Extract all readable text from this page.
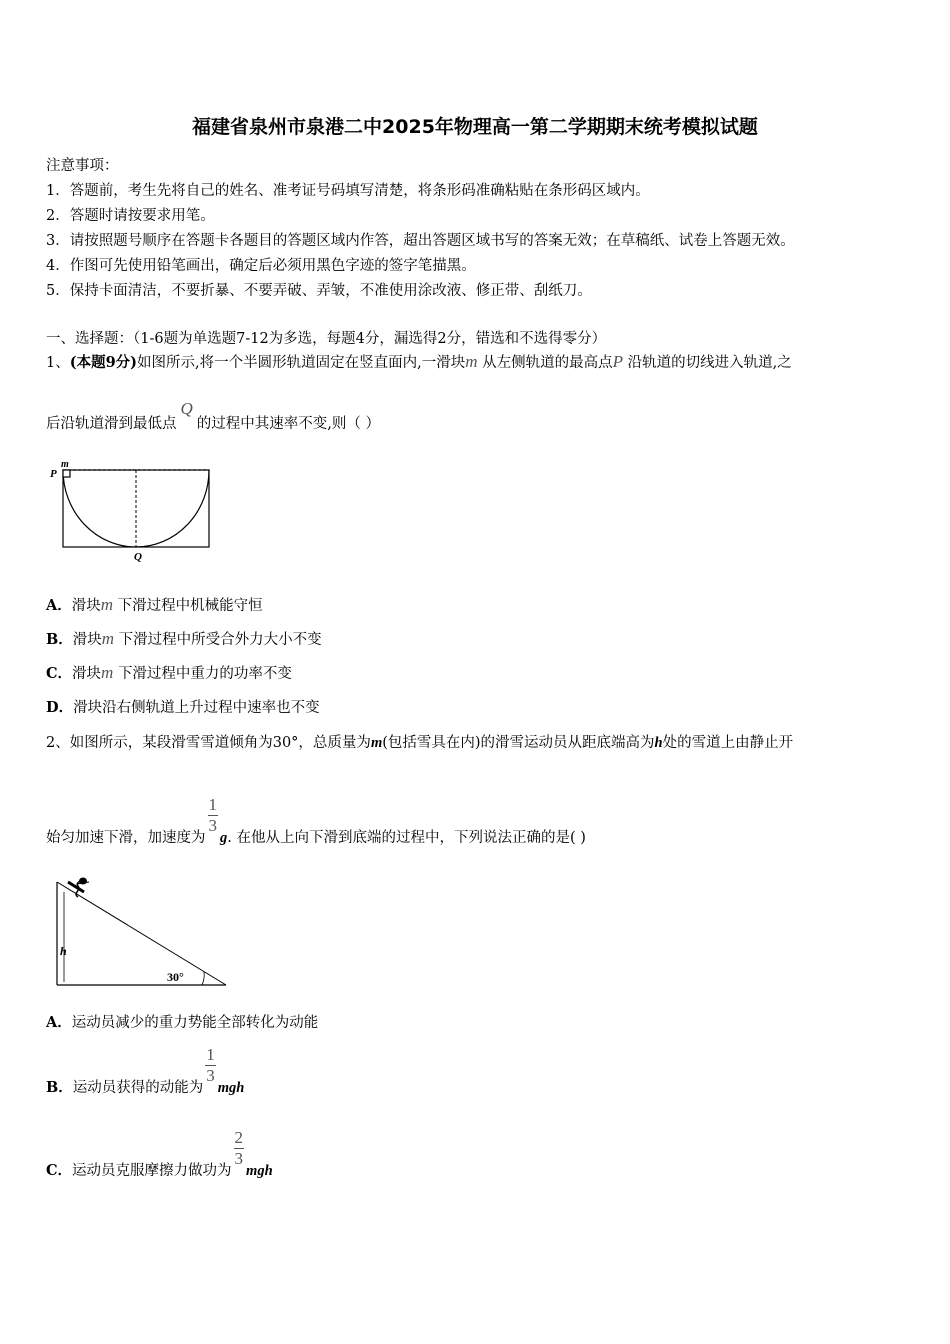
福建省泉州市泉港二中2025年物理高一第二学期期末统考模拟试题
注意事项：
1．答题前，考生先将自己的姓名、准考证号码填写清楚，将条形码准确粘贴在条形码区域内。
2．答题时请按要求用笔。
3．请按照题号顺序在答题卡各题目的答题区域内作答，超出答题区域书写的答案无效；在草稿纸、试卷上答题无效。
4．作图可先使用铅笔画出，确定后必须用黑色字迹的签字笔描黑。
5．保持卡面清洁，不要折暴、不要弄破、弄皱，不准使用涂改液、修正带、刮纸刀。
一、选择题：（1-6题为单选题7-12为多选，每题4分，漏选得2分，错选和不选得零分）
1、(本题9分)如图所示,将一个半圆形轨道固定在竖直面内,一滑块m 从左侧轨道的最高点P 沿轨道的切线进入轨道,之
后沿轨道滑到最低点Q的过程中其速率不变,则（ ）
P
m
Q
A．滑块m 下滑过程中机械能守恒
B．滑块m 下滑过程中所受合外力大小不变
C．滑块m 下滑过程中重力的功率不变
D．滑块沿右侧轨道上升过程中速率也不变
2、如图所示，某段滑雪雪道倾角为30°，总质量为m(包括雪具在内)的滑雪运动员从距底端高为h处的雪道上由静止开
始匀加速下滑，加速度为
$\frac{1}{3}$
g. 在他从上向下滑到底端的过程中，下列说法正确的是( )
h
30°
A．运动员减少的重力势能全部转化为动能
B．运动员获得的动能为
$\frac{1}{3}$
mgh
C．运动员克服摩擦力做功为
$\frac{2}{3}$
mgh
